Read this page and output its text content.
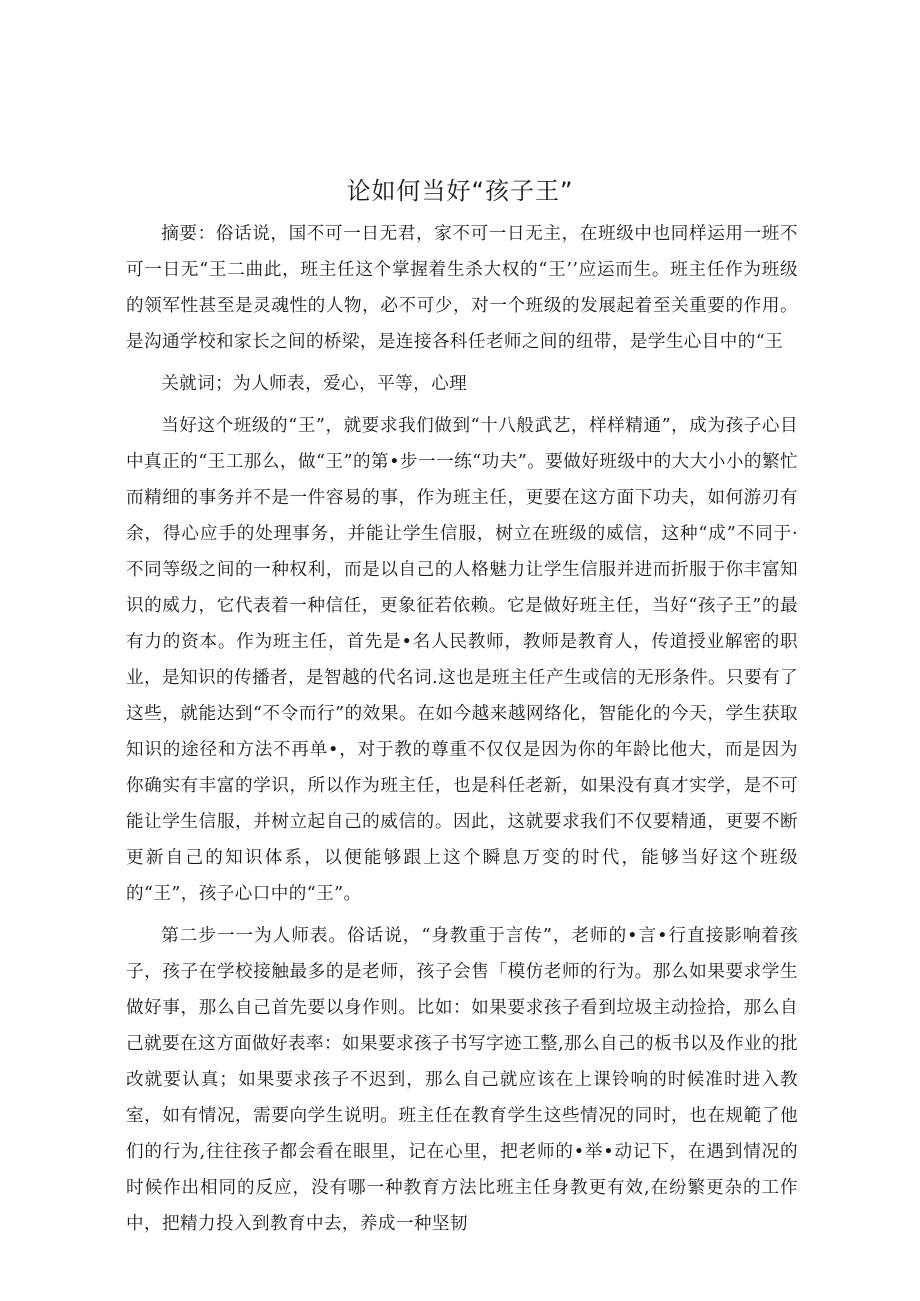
论如何当好“孩子王”

摘要：俗话说，国不可一日无君，家不可一日无主，在班级中也同样运用一班不可一日无“王二曲此，班主任这个掌握着生杀大权的“王’’应运而生。班主任作为班级的领军性甚至是灵魂性的人物，必不可少，对一个班级的发展起着至关重要的作用。是沟通学校和家长之间的桥梁，是连接各科任老师之间的纽带，是学生心目中的“王

关就词；为人师表，爱心，平等，心理

当好这个班级的“王”，就要求我们做到“十八般武艺，样样精通”，成为孩子心目中真正的“王工那么，做“王”的第•步一一练“功夫”。要做好班级中的大大小小的繁忙而精细的事务并不是一件容易的事，作为班主任，更要在这方面下功夫，如何游刃有余，得心应手的处理事务，并能让学生信服，树立在班级的威信，这种“成”不同于·不同等级之间的一种权利，而是以自己的人格魅力让学生信服并进而折服于你丰富知识的威力，它代表着一种信任，更象征若依赖。它是做好班主任，当好“孩子王”的最有力的资本。作为班主任，首先是•名人民教师，教师是教育人，传道授业解密的职业，是知识的传播者，是智越的代名词.这也是班主任产生或信的无形条件。只要有了这些，就能达到“不令而行”的效果。在如今越来越网络化，智能化的今天，学生获取知识的途径和方法不再单•，对于教的尊重不仅仅是因为你的年龄比他大，而是因为你确实有丰富的学识，所以作为班主任，也是科任老新，如果没有真才实学，是不可能让学生信服，并树立起自己的威信的。因此，这就要求我们不仅要精通，更要不断更新自己的知识体系，以便能够跟上这个瞬息万变的时代，能够当好这个班级的“王”，孩子心口中的“王”。

第二步一一为人师表。俗话说，“身教重于言传”，老师的•言•行直接影响着孩子，孩子在学校接触最多的是老师，孩子会售「模仿老师的行为。那么如果要求学生做好事，那么自己首先要以身作则。比如：如果要求孩子看到垃圾主动捡拾，那么自己就要在这方面做好表率：如果要求孩子书写字迹工整,那么自己的板书以及作业的批改就要认真；如果要求孩子不迟到，那么自己就应该在上课铃响的时候准时进入教室，如有情况，需要向学生说明。班主任在教育学生这些情况的同时，也在规範了他们的行为,往往孩子都会看在眼里，记在心里，把老师的•举•动记下，在遇到情况的时候作出相同的反应，没有哪一种教育方法比班主任身教更有效,在纷繁更杂的工作中，把精力投入到教育中去，养成一种坚韧
